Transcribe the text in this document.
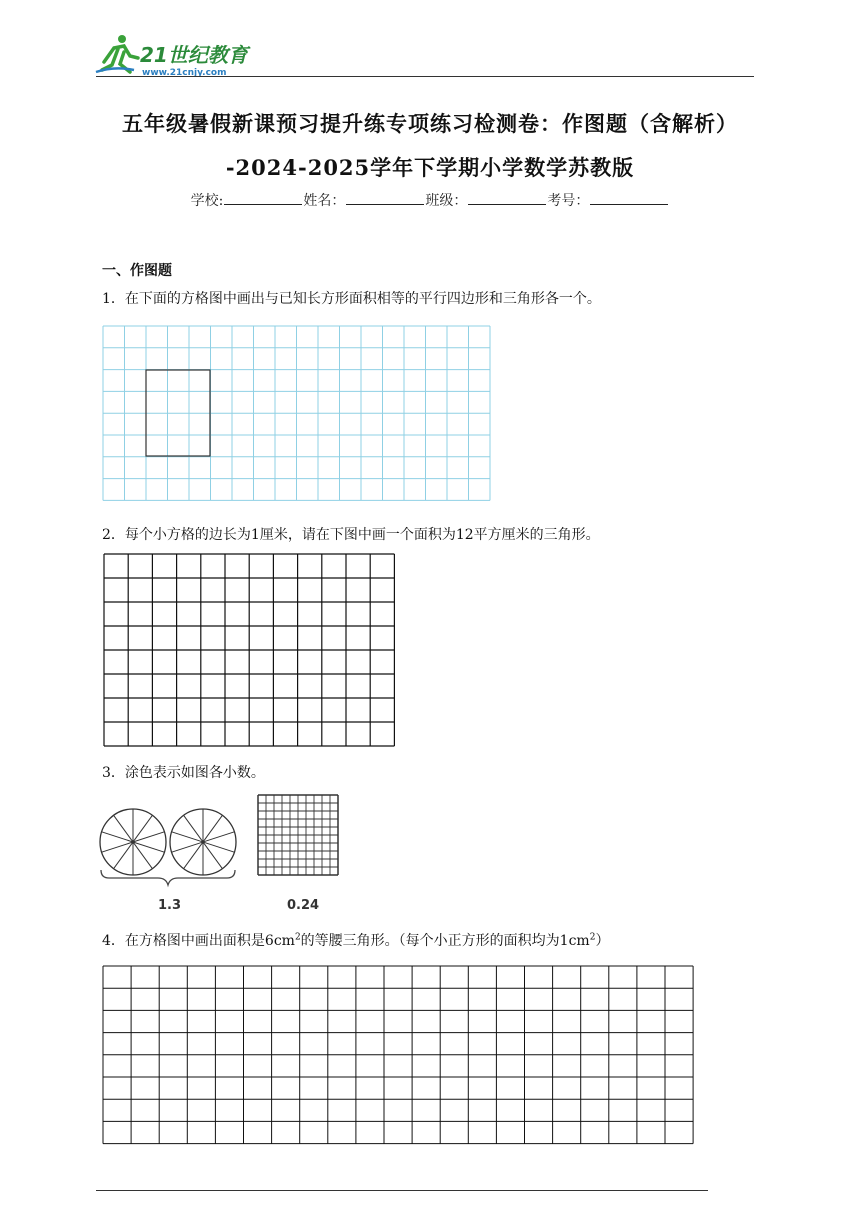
21世纪教育
www.21cnjy.com
五年级暑假新课预习提升练专项练习检测卷：作图题（含解析）
-2024-2025学年下学期小学数学苏教版
学校:	姓名：	班级：	考号：
一、作图题
1．在下面的方格图中画出与已知长方形面积相等的平行四边形和三角形各一个。
2．每个小方格的边长为1厘米，请在下图中画一个面积为12平方厘米的三角形。
3．涂色表示如图各小数。
1.3	0.24
4．在方格图中画出面积是$6cm^2$的等腰三角形。（每个小正方形的面积均为$1cm^2$）
